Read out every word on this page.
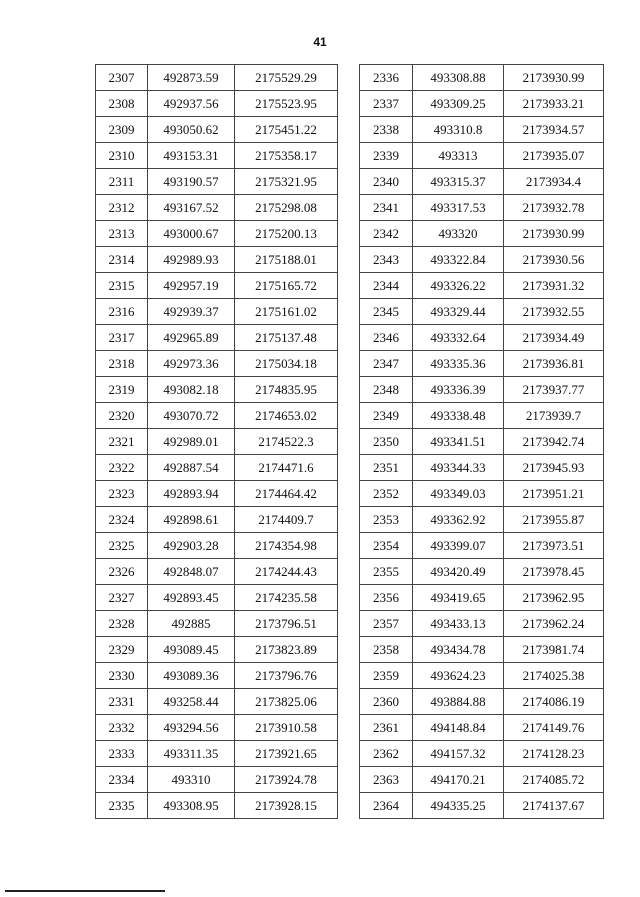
41
2307	492873.59	2175529.29
2308	492937.56	2175523.95
2309	493050.62	2175451.22
2310	493153.31	2175358.17
2311	493190.57	2175321.95
2312	493167.52	2175298.08
2313	493000.67	2175200.13
2314	492989.93	2175188.01
2315	492957.19	2175165.72
2316	492939.37	2175161.02
2317	492965.89	2175137.48
2318	492973.36	2175034.18
2319	493082.18	2174835.95
2320	493070.72	2174653.02
2321	492989.01	2174522.3
2322	492887.54	2174471.6
2323	492893.94	2174464.42
2324	492898.61	2174409.7
2325	492903.28	2174354.98
2326	492848.07	2174244.43
2327	492893.45	2174235.58
2328	492885	2173796.51
2329	493089.45	2173823.89
2330	493089.36	2173796.76
2331	493258.44	2173825.06
2332	493294.56	2173910.58
2333	493311.35	2173921.65
2334	493310	2173924.78
2335	493308.95	2173928.15
2336	493308.88	2173930.99
2337	493309.25	2173933.21
2338	493310.8	2173934.57
2339	493313	2173935.07
2340	493315.37	2173934.4
2341	493317.53	2173932.78
2342	493320	2173930.99
2343	493322.84	2173930.56
2344	493326.22	2173931.32
2345	493329.44	2173932.55
2346	493332.64	2173934.49
2347	493335.36	2173936.81
2348	493336.39	2173937.77
2349	493338.48	2173939.7
2350	493341.51	2173942.74
2351	493344.33	2173945.93
2352	493349.03	2173951.21
2353	493362.92	2173955.87
2354	493399.07	2173973.51
2355	493420.49	2173978.45
2356	493419.65	2173962.95
2357	493433.13	2173962.24
2358	493434.78	2173981.74
2359	493624.23	2174025.38
2360	493884.88	2174086.19
2361	494148.84	2174149.76
2362	494157.32	2174128.23
2363	494170.21	2174085.72
2364	494335.25	2174137.67
